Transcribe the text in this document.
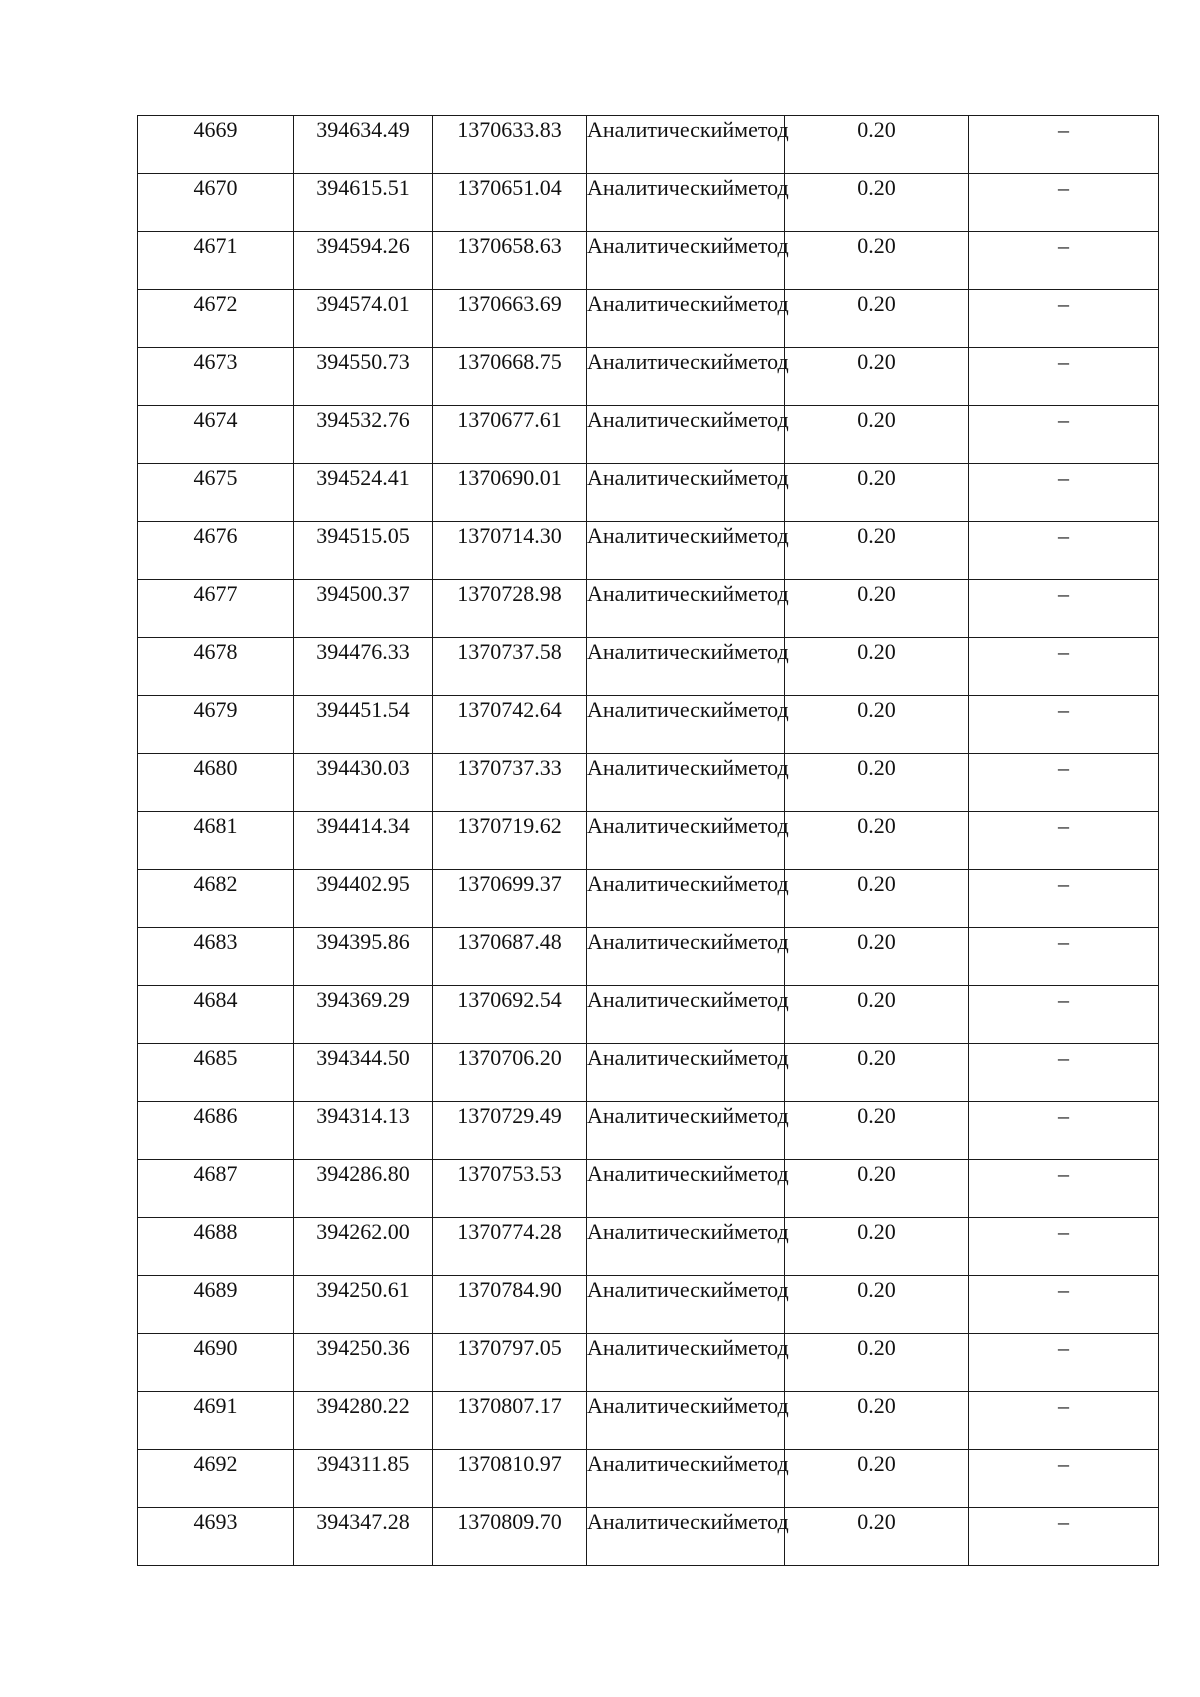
4669	394634.49	1370633.83	Аналитическийметод	0.20	–
4670	394615.51	1370651.04	Аналитическийметод	0.20	–
4671	394594.26	1370658.63	Аналитическийметод	0.20	–
4672	394574.01	1370663.69	Аналитическийметод	0.20	–
4673	394550.73	1370668.75	Аналитическийметод	0.20	–
4674	394532.76	1370677.61	Аналитическийметод	0.20	–
4675	394524.41	1370690.01	Аналитическийметод	0.20	–
4676	394515.05	1370714.30	Аналитическийметод	0.20	–
4677	394500.37	1370728.98	Аналитическийметод	0.20	–
4678	394476.33	1370737.58	Аналитическийметод	0.20	–
4679	394451.54	1370742.64	Аналитическийметод	0.20	–
4680	394430.03	1370737.33	Аналитическийметод	0.20	–
4681	394414.34	1370719.62	Аналитическийметод	0.20	–
4682	394402.95	1370699.37	Аналитическийметод	0.20	–
4683	394395.86	1370687.48	Аналитическийметод	0.20	–
4684	394369.29	1370692.54	Аналитическийметод	0.20	–
4685	394344.50	1370706.20	Аналитическийметод	0.20	–
4686	394314.13	1370729.49	Аналитическийметод	0.20	–
4687	394286.80	1370753.53	Аналитическийметод	0.20	–
4688	394262.00	1370774.28	Аналитическийметод	0.20	–
4689	394250.61	1370784.90	Аналитическийметод	0.20	–
4690	394250.36	1370797.05	Аналитическийметод	0.20	–
4691	394280.22	1370807.17	Аналитическийметод	0.20	–
4692	394311.85	1370810.97	Аналитическийметод	0.20	–
4693	394347.28	1370809.70	Аналитическийметод	0.20	–
